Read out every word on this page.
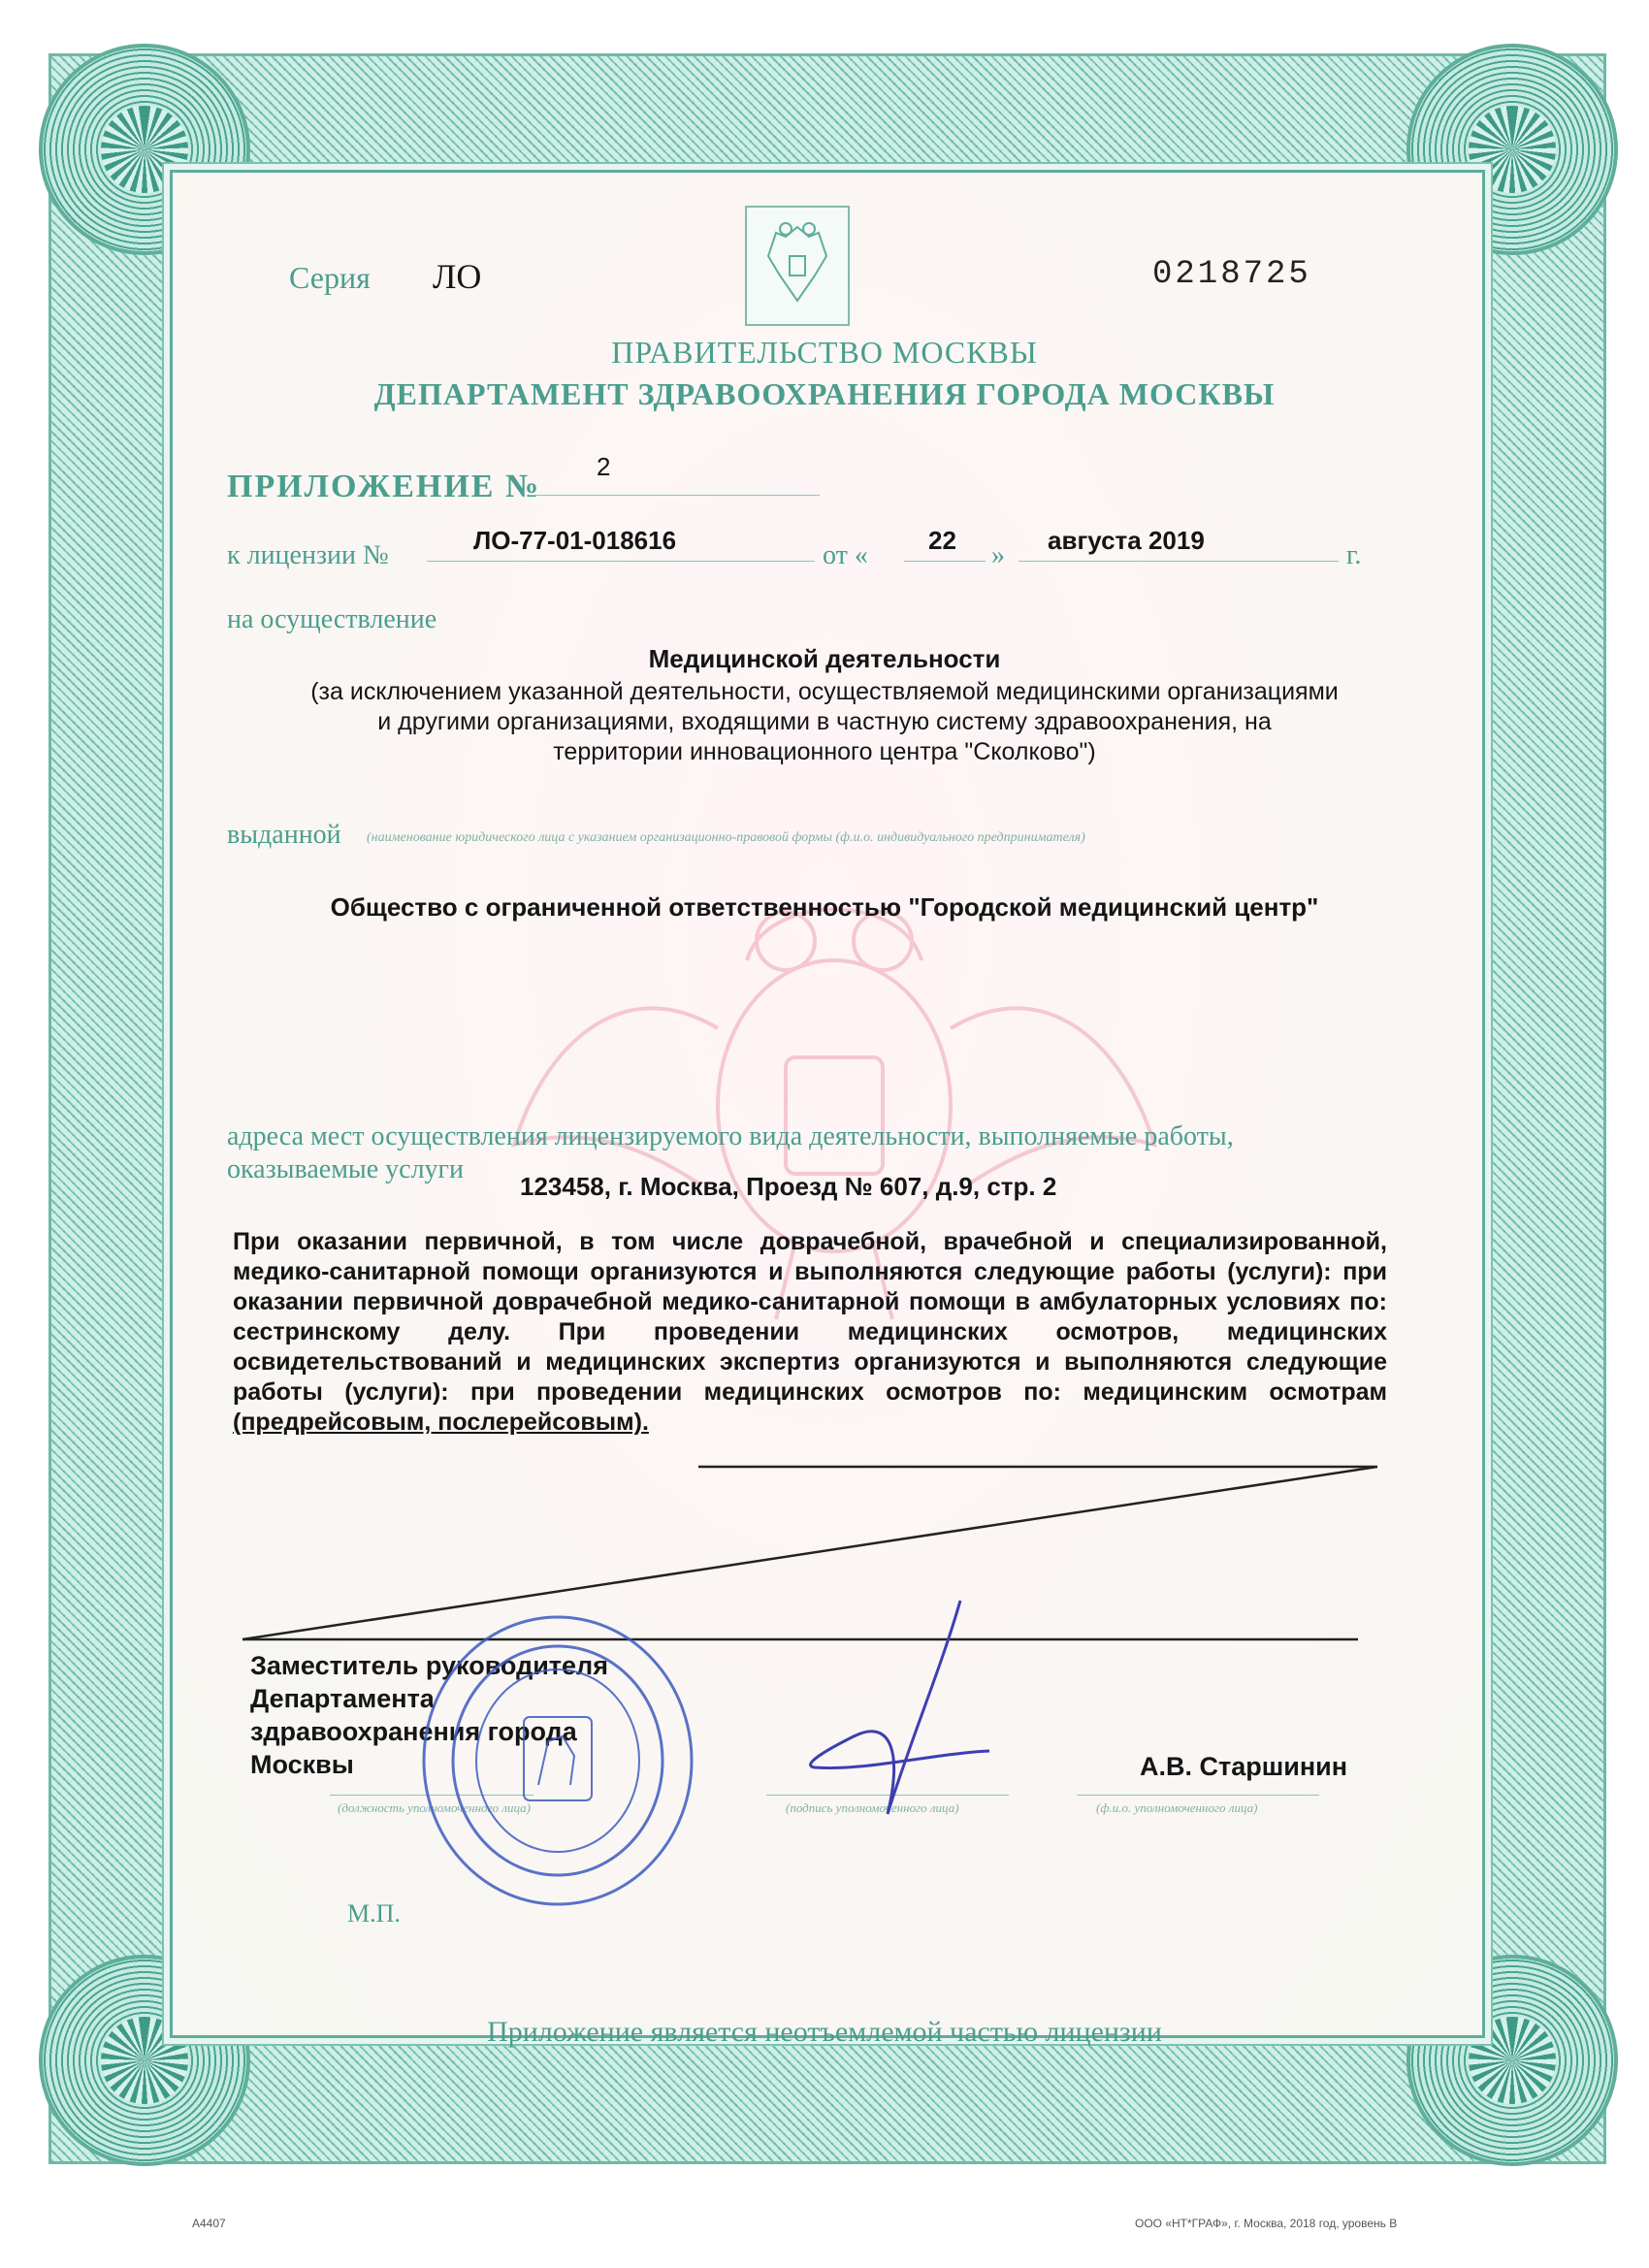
Серия ЛО	0218725
ПРАВИТЕЛЬСТВО МОСКВЫ
ДЕПАРТАМЕНТ ЗДРАВООХРАНЕНИЯ ГОРОДА МОСКВЫ
ПРИЛОЖЕНИЕ №
2
к лицензии №	ЛО-77-01-018616	от « 22 » августа 2019	г.
на осуществление
Медицинской деятельности
(за исключением указанной деятельности, осуществляемой медицинскими организациями
и другими организациями, входящими в частную систему здравоохранения, на
территории инновационного центра "Сколково")
выданной (наименование юридического лица с указанием организационно-правовой формы (ф.и.о. индивидуального предпринимателя)
Общество с ограниченной ответственностью "Городской медицинский центр"
адреса мест осуществления лицензируемого вида деятельности, выполняемые работы,
оказываемые услуги
123458, г. Москва, Проезд № 607, д.9, стр. 2
При оказании первичной, в том числе доврачебной, врачебной и специализированной, медико-санитарной помощи организуются и выполняются следующие работы (услуги): при оказании первичной доврачебной медико-санитарной помощи в амбулаторных условиях по: сестринскому делу. При проведении медицинских осмотров, медицинских освидетельствований и медицинских экспертиз организуются и выполняются следующие работы (услуги): при проведении медицинских осмотров по: медицинским осмотрам (предрейсовым, послерейсовым).
Заместитель руководителя
Департамента
здравоохранения города
Москвы	А.В. Старшинин
(должность уполномоченного лица)	(подпись уполномоченного лица)	(ф.и.о. уполномоченного лица)
М.П.
Приложение является неотъемлемой частью лицензии
А4407	ООО «НТ*ГРАФ», г. Москва, 2018 год, уровень В
